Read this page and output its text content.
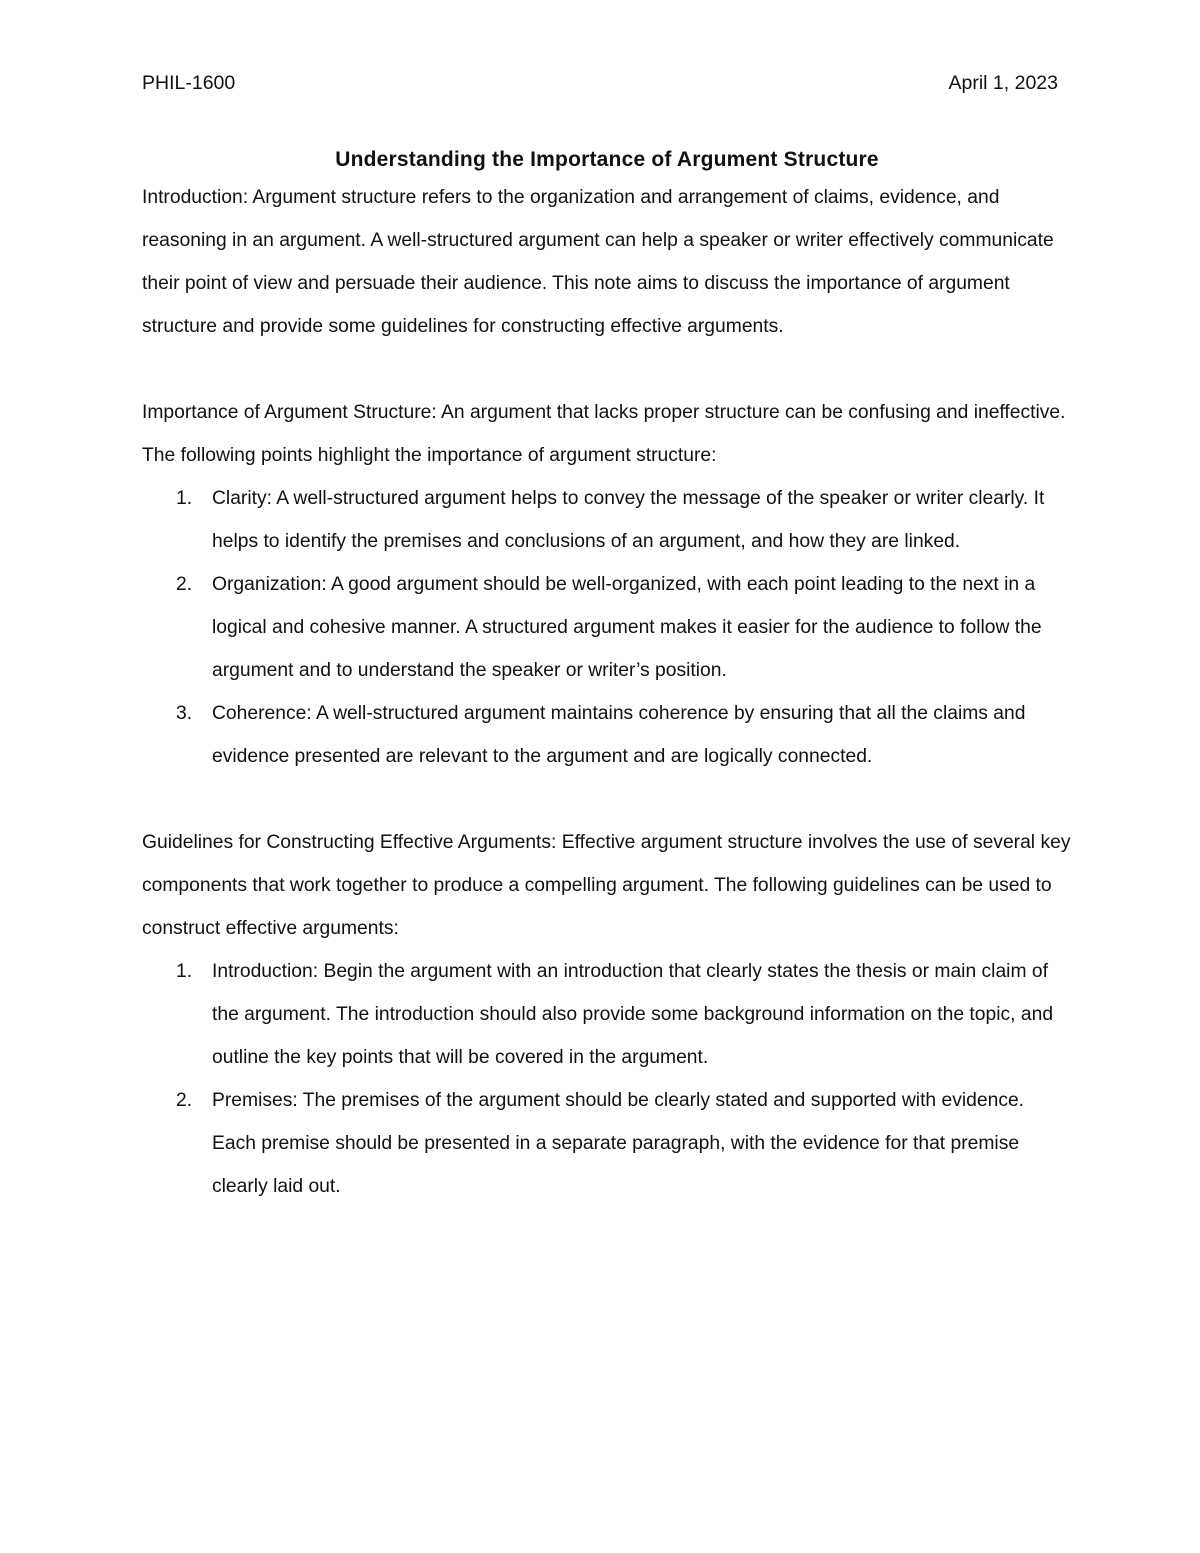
PHIL-1600	April 1, 2023
Understanding the Importance of Argument Structure

Introduction: Argument structure refers to the organization and arrangement of claims, evidence, and reasoning in an argument. A well-structured argument can help a speaker or writer effectively communicate their point of view and persuade their audience. This note aims to discuss the importance of argument structure and provide some guidelines for constructing effective arguments.

Importance of Argument Structure: An argument that lacks proper structure can be confusing and ineffective. The following points highlight the importance of argument structure:

1. Clarity: A well-structured argument helps to convey the message of the speaker or writer clearly. It helps to identify the premises and conclusions of an argument, and how they are linked.
2. Organization: A good argument should be well-organized, with each point leading to the next in a logical and cohesive manner. A structured argument makes it easier for the audience to follow the argument and to understand the speaker or writer’s position.
3. Coherence: A well-structured argument maintains coherence by ensuring that all the claims and evidence presented are relevant to the argument and are logically connected.

Guidelines for Constructing Effective Arguments: Effective argument structure involves the use of several key components that work together to produce a compelling argument. The following guidelines can be used to construct effective arguments:

1. Introduction: Begin the argument with an introduction that clearly states the thesis or main claim of the argument. The introduction should also provide some background information on the topic, and outline the key points that will be covered in the argument.
2. Premises: The premises of the argument should be clearly stated and supported with evidence. Each premise should be presented in a separate paragraph, with the evidence for that premise clearly laid out.
